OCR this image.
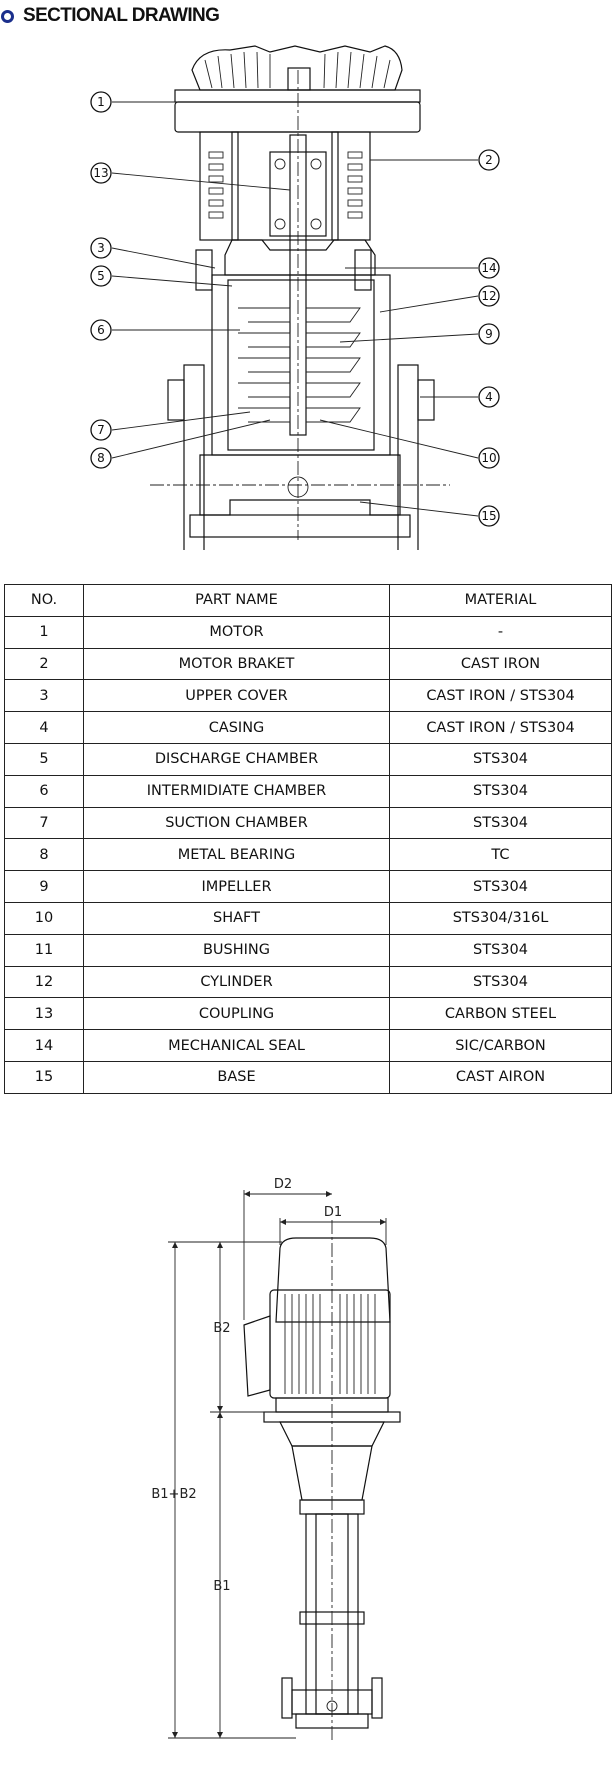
SECTIONAL DRAWING
1
13
3
5
6
7
8
2
14
12
9
4
10
15
NO.	PART NAME	MATERIAL
1	MOTOR	-
2	MOTOR BRAKET	CAST IRON
3	UPPER COVER	CAST IRON / STS304
4	CASING	CAST IRON / STS304
5	DISCHARGE CHAMBER	STS304
6	INTERMIDIATE CHAMBER	STS304
7	SUCTION CHAMBER	STS304
8	METAL BEARING	TC
9	IMPELLER	STS304
10	SHAFT	STS304/316L
11	BUSHING	STS304
12	CYLINDER	STS304
13	COUPLING	CARBON STEEL
14	MECHANICAL SEAL	SIC/CARBON
15	BASE	CAST AIRON
D2
D1
B2
B1
B1+B2
